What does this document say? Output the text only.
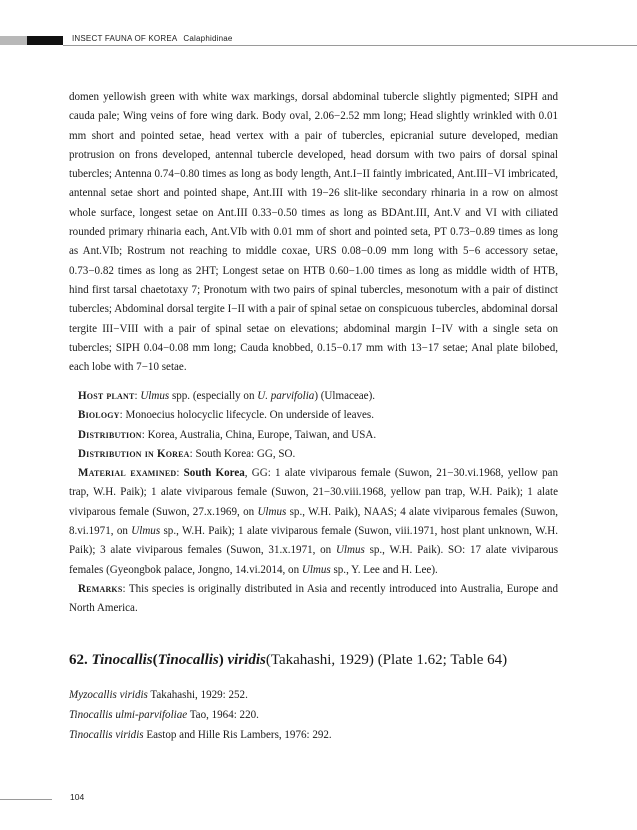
INSECT FAUNA OF KOREA Calaphidinae

domen yellowish green with white wax markings, dorsal abdominal tubercle slightly pigmented; SIPH and cauda pale; Wing veins of fore wing dark. Body oval, 2.06−2.52 mm long; Head slightly wrinkled with 0.01 mm short and pointed setae, head vertex with a pair of tubercles, epicranial suture developed, median protrusion on frons developed, antennal tubercle developed, head dorsum with two pairs of dorsal spinal tubercles; Antenna 0.74−0.80 times as long as body length, Ant.I−II faintly imbricated, Ant.III−VI imbricated, antennal setae short and pointed shape, Ant.III with 19−26 slit-like secondary rhinaria in a row on almost whole surface, longest setae on Ant.III 0.33−0.50 times as long as BDAnt.III, Ant.V and VI with ciliated rounded primary rhinaria each, Ant.VIb with 0.01 mm of short and pointed seta, PT 0.73−0.89 times as long as Ant.VIb; Rostrum not reaching to middle coxae, URS 0.08−0.09 mm long with 5−6 accessory setae, 0.73−0.82 times as long as 2HT; Longest setae on HTB 0.60−1.00 times as long as middle width of HTB, hind first tarsal chaetotaxy 7; Pronotum with two pairs of spinal tubercles, mesonotum with a pair of distinct tubercles; Abdominal dorsal tergite I−II with a pair of spinal setae on conspicuous tubercles, abdominal dorsal tergite III−VIII with a pair of spinal setae on elevations; abdominal margin I−IV with a single seta on tubercles; SIPH 0.04−0.08 mm long; Cauda knobbed, 0.15−0.17 mm with 13−17 setae; Anal plate bilobed, each lobe with 7−10 setae.

Host plant: Ulmus spp. (especially on U. parvifolia) (Ulmaceae).

Biology: Monoecius holocyclic lifecycle. On underside of leaves.

Distribution: Korea, Australia, China, Europe, Taiwan, and USA.

Distribution in Korea: South Korea: GG, SO.

Material examined: South Korea, GG: 1 alate viviparous female (Suwon, 21−30.vi.1968, yellow pan trap, W.H. Paik); 1 alate viviparous female (Suwon, 21−30.viii.1968, yellow pan trap, W.H. Paik); 1 alate viviparous female (Suwon, 27.x.1969, on Ulmus sp., W.H. Paik), NAAS; 4 alate viviparous females (Suwon, 8.vi.1971, on Ulmus sp., W.H. Paik); 1 alate viviparous female (Suwon, viii.1971, host plant unknown, W.H. Paik); 3 alate viviparous females (Suwon, 31.x.1971, on Ulmus sp., W.H. Paik). SO: 17 alate viviparous females (Gyeongbok palace, Jongno, 14.vi.2014, on Ulmus sp., Y. Lee and H. Lee).

Remarks: This species is originally distributed in Asia and recently introduced into Australia, Europe and North America.

62. Tinocallis(Tinocallis) viridis(Takahashi, 1929) (Plate 1.62; Table 64)

Myzocallis viridis Takahashi, 1929: 252.

Tinocallis ulmi-parvifoliae Tao, 1964: 220.

Tinocallis viridis Eastop and Hille Ris Lambers, 1976: 292.

104
